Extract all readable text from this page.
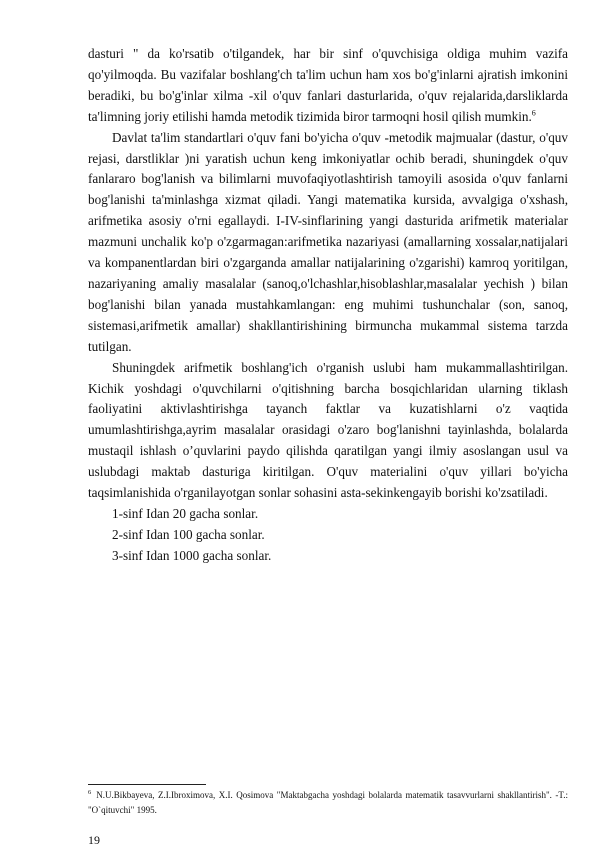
dasturi " da ko'rsatib o'tilgandek, har bir sinf o'quvchisiga oldiga muhim vazifa qo'yilmoqda. Bu vazifalar boshlang'ch ta'lim uchun ham xos bo'g'inlarni ajratish imkonini beradiki, bu bo'g'inlar xilma -xil o'quv fanlari dasturlarida, o'quv rejalarida,darsliklarda ta'limning joriy etilishi hamda metodik tizimida biror tarmoqni hosil qilish mumkin.$^6$

Davlat ta'lim standartlari o'quv fani bo'yicha o'quv -metodik majmualar (dastur, o'quv rejasi, darstliklar )ni yaratish uchun keng imkoniyatlar ochib beradi, shuningdek o'quv fanlararo bog'lanish va bilimlarni muvofaqiyotlashtirish tamoyili asosida o'quv fanlarni bog'lanishi ta'minlashga xizmat qiladi. Yangi matematika kursida, avvalgiga o'xshash, arifmetika asosiy o'rni egallaydi. I-IV-sinflarining yangi dasturida arifmetik materialar mazmuni unchalik ko'p o'zgarmagan:arifmetika nazariyasi (amallarning xossalar,natijalari va kompanentlardan biri o'zgarganda amallar natijalarining o'zgarishi) kamroq yoritilgan, nazariyaning amaliy masalalar (sanoq,o'lchashlar,hisoblashlar,masalalar yechish ) bilan bog'lanishi bilan yanada mustahkamlangan: eng muhimi tushunchalar (son, sanoq, sistemasi,arifmetik amallar) shakllantirishining birmuncha mukammal sistema tarzda tutilgan.

Shuningdek arifmetik boshlang'ich o'rganish uslubi ham mukammallashtirilgan. Kichik yoshdagi o'quvchilarni o'qitishning barcha bosqichlaridan ularning tiklash faoliyatini aktivlashtirishga tayanch faktlar va kuzatishlarni o'z vaqtida umumlashtirishga,ayrim masalalar orasidagi o'zaro bog'lanishni tayinlashda, bolalarda mustaqil ishlash o’quvlarini paydo qilishda qaratilgan yangi ilmiy asoslangan usul va uslubdagi maktab dasturiga kiritilgan. O'quv materialini o'quv yillari bo'yicha taqsimlanishida o'rganilayotgan sonlar sohasini asta-sekinkengayib borishi ko'zsatiladi.

1-sinf Idan 20 gacha sonlar.

2-sinf Idan 100 gacha sonlar.

3-sinf Idan 1000 gacha sonlar.

$^6$ N.U.Bikbayeva, Z.I.Ibroximova, X.I. Qosimova "Maktabgacha yoshdagi bolalarda matematik tasavvurlarni shakllantirish". -T.: "O`qituvchi" 1995.

19
